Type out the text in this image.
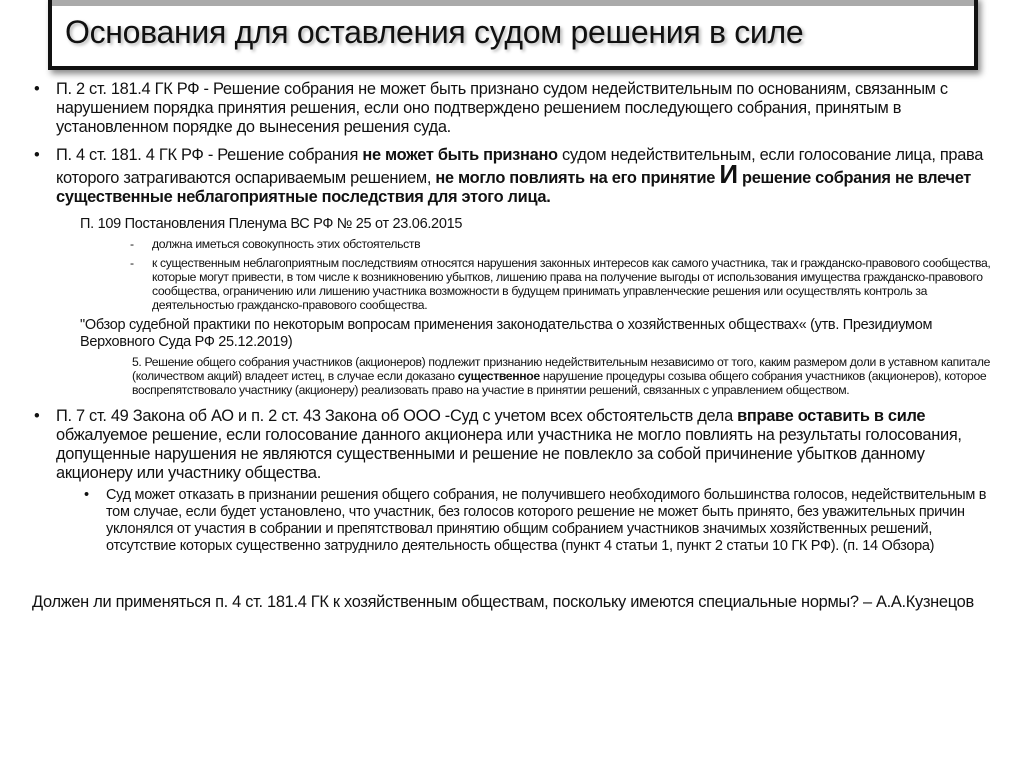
Основания для оставления судом решения в силе
• П. 2 ст. 181.4 ГК РФ - Решение собрания не может быть признано судом недействительным по основаниям, связанным с нарушением порядка принятия решения, если оно подтверждено решением последующего собрания, принятым в установленном порядке до вынесения решения суда.
• П. 4 ст. 181. 4 ГК РФ - Решение собрания не может быть признано судом недействительным, если голосование лица, права которого затрагиваются оспариваемым решением, не могло повлиять на его принятие И решение собрания не влечет существенные неблагоприятные последствия для этого лица.
П. 109 Постановления Пленума ВС РФ № 25 от 23.06.2015
- должна иметься совокупность этих обстоятельств
- к существенным неблагоприятным последствиям относятся нарушения законных интересов как самого участника, так и гражданско-правового сообщества, которые могут привести, в том числе к возникновению убытков, лишению права на получение выгоды от использования имущества гражданско-правового сообщества, ограничению или лишению участника возможности в будущем принимать управленческие решения или осуществлять контроль за деятельностью гражданско-правового сообщества.
"Обзор судебной практики по некоторым вопросам применения законодательства о хозяйственных обществах« (утв. Президиумом Верховного Суда РФ 25.12.2019)
5. Решение общего собрания участников (акционеров) подлежит признанию недействительным независимо от того, каким размером доли в уставном капитале (количеством акций) владеет истец, в случае если доказано существенное нарушение процедуры созыва общего собрания участников (акционеров), которое воспрепятствовало участнику (акционеру) реализовать право на участие в принятии решений, связанных с управлением обществом.
• П. 7 ст. 49 Закона об АО и п. 2 ст. 43 Закона об ООО -Суд с учетом всех обстоятельств дела вправе оставить в силе обжалуемое решение, если голосование данного акционера или участника не могло повлиять на результаты голосования, допущенные нарушения не являются существенными и решение не повлекло за собой причинение убытков данному акционеру или участнику общества.
• Суд может отказать в признании решения общего собрания, не получившего необходимого большинства голосов, недействительным в том случае, если будет установлено, что участник, без голосов которого решение не может быть принято, без уважительных причин уклонялся от участия в собрании и препятствовал принятию общим собранием участников значимых хозяйственных решений, отсутствие которых существенно затруднило деятельность общества (пункт 4 статьи 1, пункт 2 статьи 10 ГК РФ). (п. 14 Обзора)
Должен ли применяться п. 4 ст. 181.4 ГК к хозяйственным обществам, поскольку имеются специальные нормы? – А.А.Кузнецов
